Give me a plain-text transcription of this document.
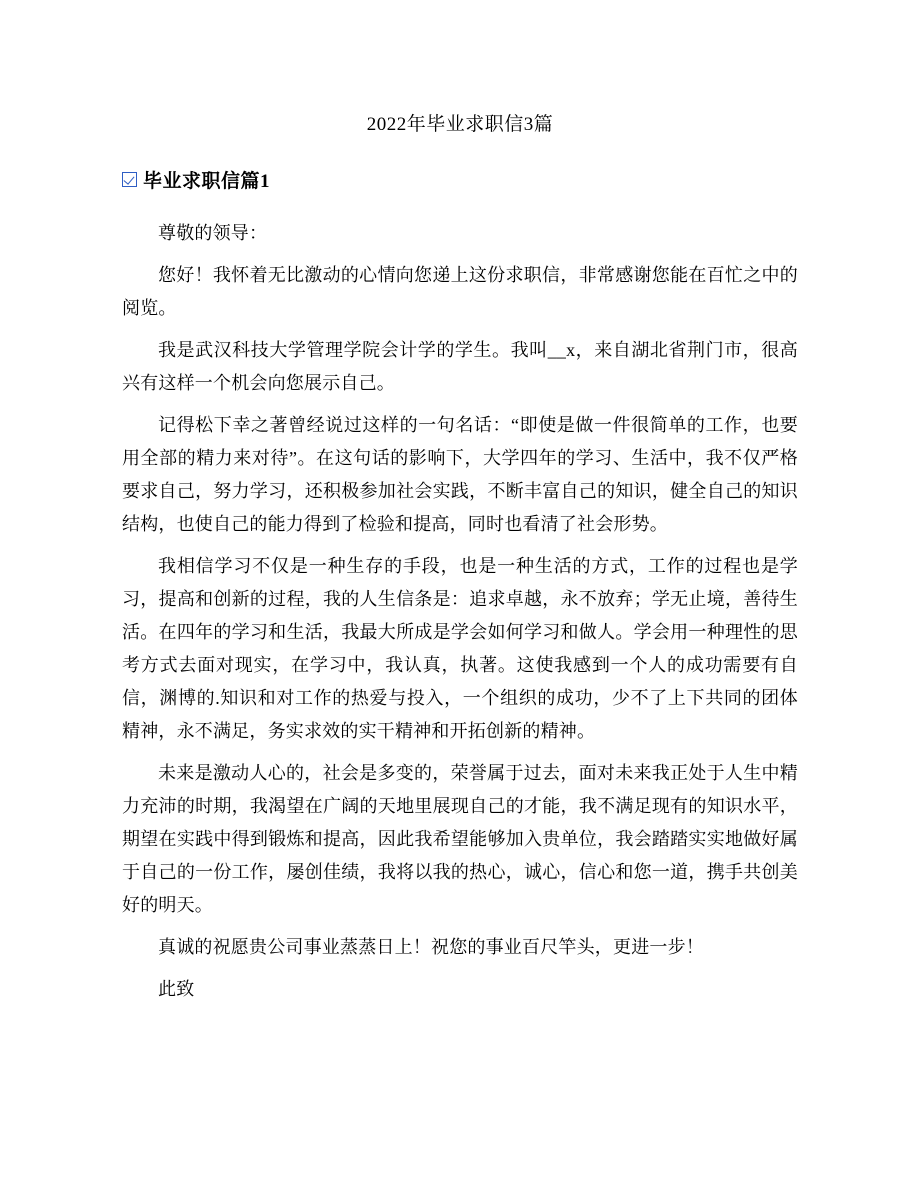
2022年毕业求职信3篇
毕业求职信篇1

尊敬的领导：

您好！我怀着无比激动的心情向您递上这份求职信，非常感谢您能在百忙之中的阅览。

我是武汉科技大学管理学院会计学的学生。我叫__x，来自湖北省荆门市，很高兴有这样一个机会向您展示自己。

记得松下幸之著曾经说过这样的一句名话：“即使是做一件很简单的工作，也要用全部的精力来对待”。在这句话的影响下，大学四年的学习、生活中，我不仅严格要求自己，努力学习，还积极参加社会实践，不断丰富自己的知识，健全自己的知识结构，也使自己的能力得到了检验和提高，同时也看清了社会形势。

我相信学习不仅是一种生存的手段，也是一种生活的方式，工作的过程也是学习，提高和创新的过程，我的人生信条是：追求卓越，永不放弃；学无止境，善待生活。在四年的学习和生活，我最大所成是学会如何学习和做人。学会用一种理性的思考方式去面对现实，在学习中，我认真，执著。这使我感到一个人的成功需要有自信，渊博的.知识和对工作的热爱与投入，一个组织的成功，少不了上下共同的团体精神，永不满足，务实求效的实干精神和开拓创新的精神。

未来是激动人心的，社会是多变的，荣誉属于过去，面对未来我正处于人生中精力充沛的时期，我渴望在广阔的天地里展现自己的才能，我不满足现有的知识水平，期望在实践中得到锻炼和提高，因此我希望能够加入贵单位，我会踏踏实实地做好属于自己的一份工作，屡创佳绩，我将以我的热心，诚心，信心和您一道，携手共创美好的明天。

真诚的祝愿贵公司事业蒸蒸日上！祝您的事业百尺竿头，更进一步！

此致
